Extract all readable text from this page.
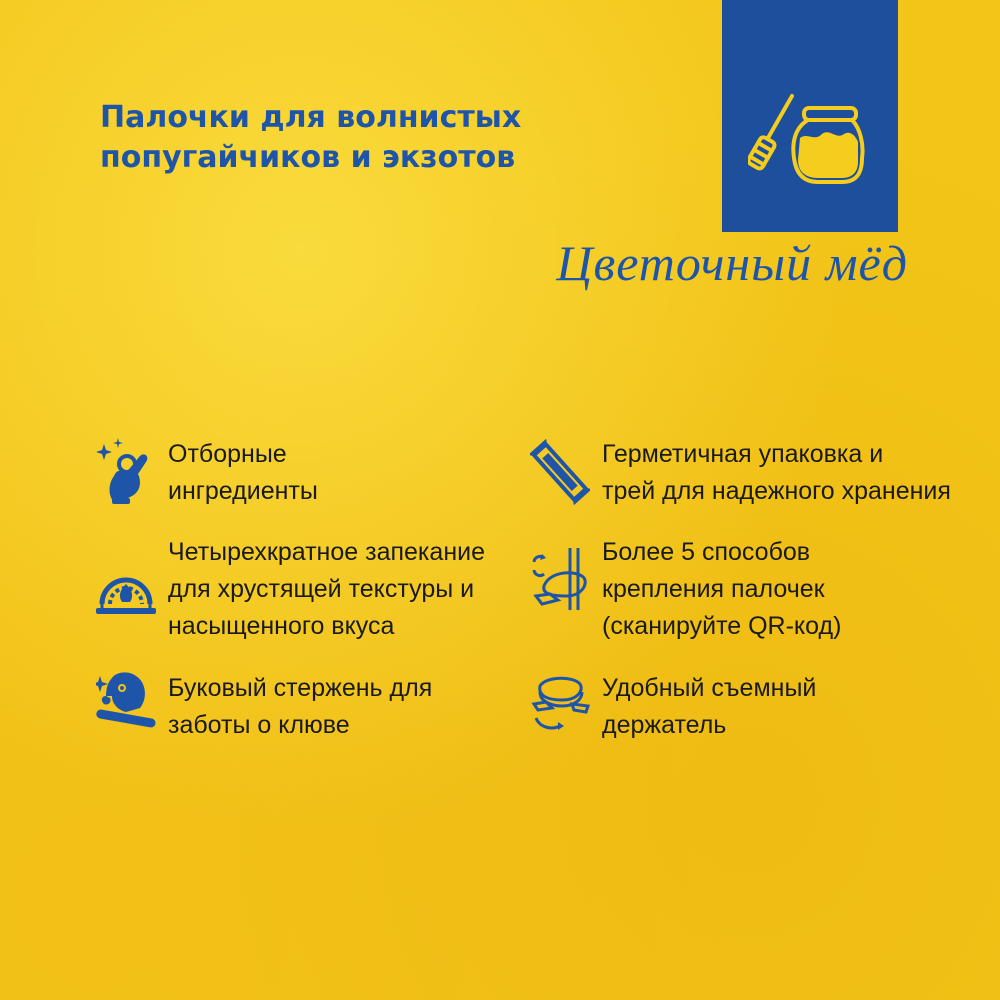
Палочки для волнистых
попугайчиков и экзотов
Цветочный мёд
Отборные
ингредиенты
Четырехкратное запекание
для хрустящей текстуры и
насыщенного вкуса
Буковый стержень для
заботы о клюве
Герметичная упаковка и
трей для надежного хранения
Более 5 способов
крепления палочек
(сканируйте QR-код)
Удобный съемный
держатель
